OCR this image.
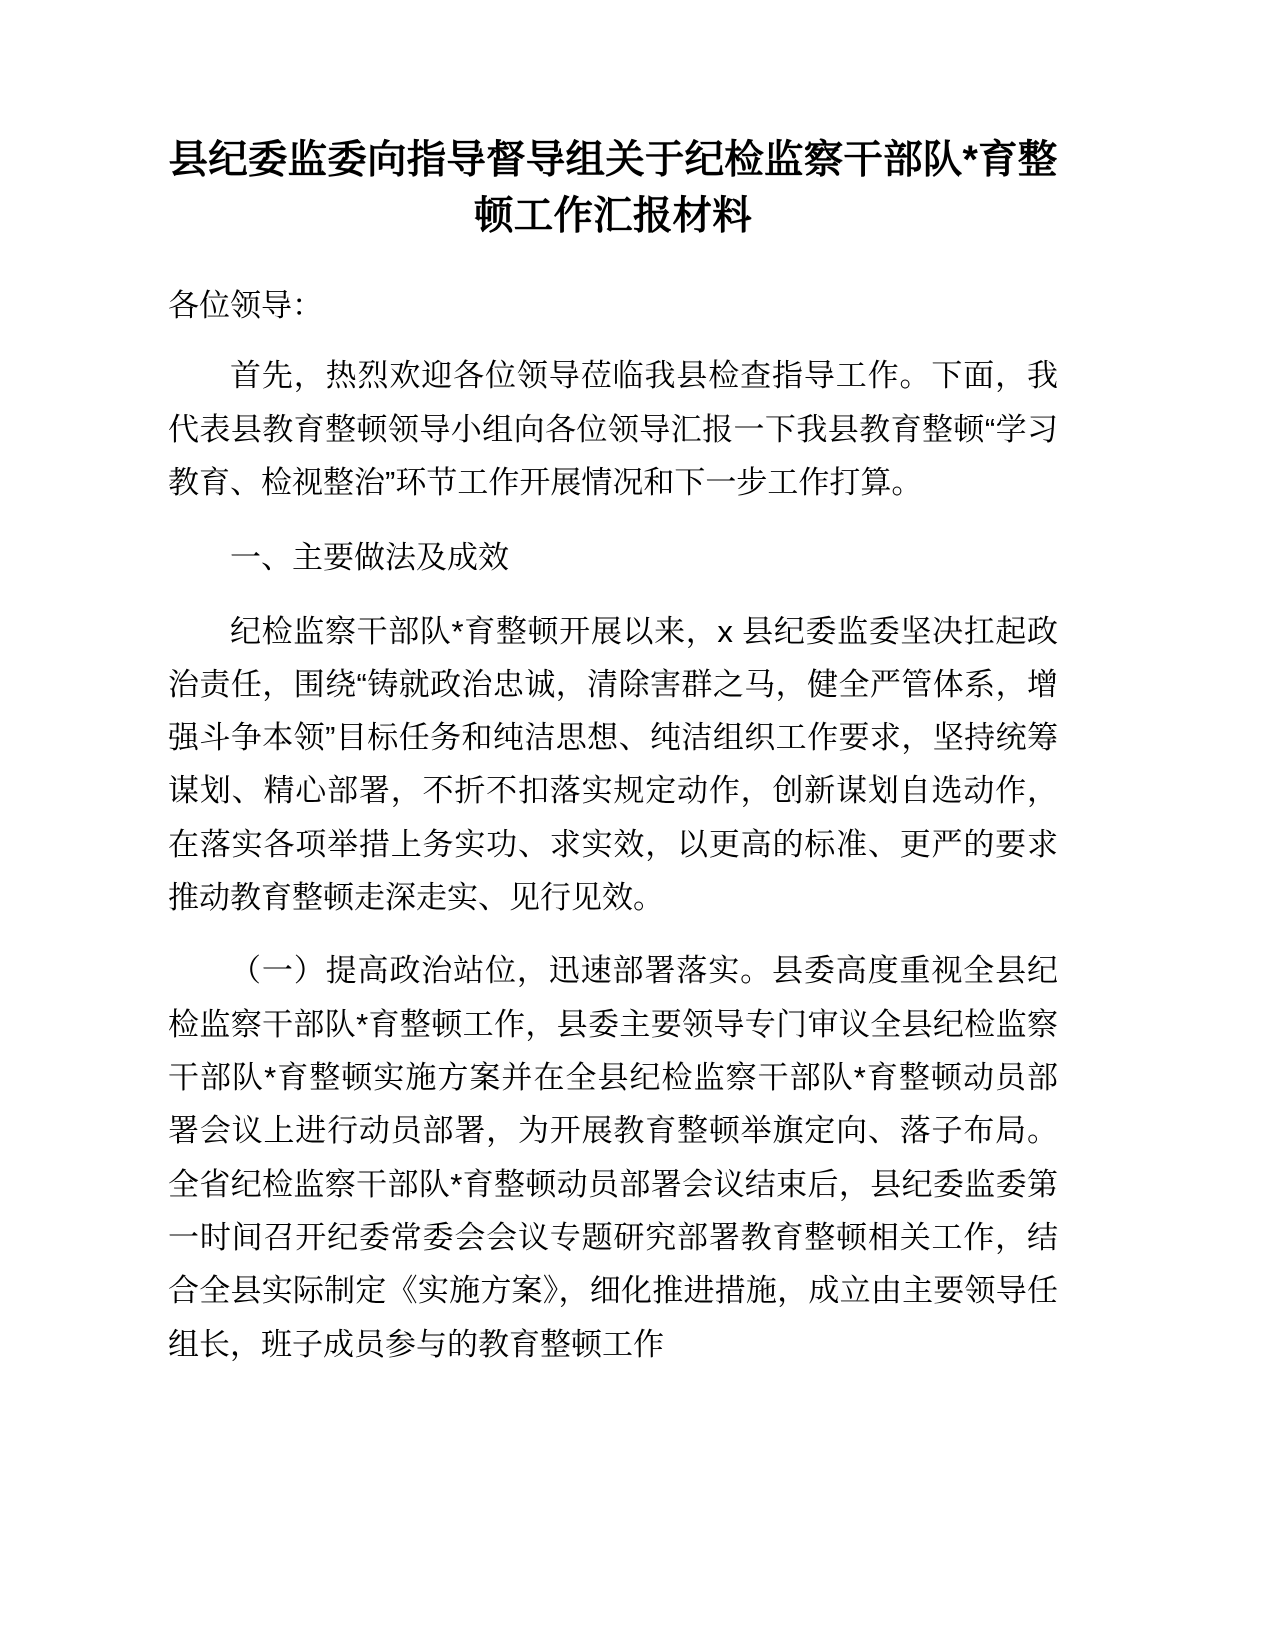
县纪委监委向指导督导组关于纪检监察干部队*育整顿工作汇报材料

各位领导：

首先，热烈欢迎各位领导莅临我县检查指导工作。下面，我代表县教育整顿领导小组向各位领导汇报一下我县教育整顿“学习教育、检视整治”环节工作开展情况和下一步工作打算。

一、主要做法及成效

纪检监察干部队*育整顿开展以来，x 县纪委监委坚决扛起政治责任，围绕“铸就政治忠诚，清除害群之马，健全严管体系，增强斗争本领”目标任务和纯洁思想、纯洁组织工作要求，坚持统筹谋划、精心部署，不折不扣落实规定动作，创新谋划自选动作，在落实各项举措上务实功、求实效，以更高的标准、更严的要求推动教育整顿走深走实、见行见效。

（一）提高政治站位，迅速部署落实。县委高度重视全县纪检监察干部队*育整顿工作，县委主要领导专门审议全县纪检监察干部队*育整顿实施方案并在全县纪检监察干部队*育整顿动员部署会议上进行动员部署，为开展教育整顿举旗定向、落子布局。全省纪检监察干部队*育整顿动员部署会议结束后，县纪委监委第一时间召开纪委常委会会议专题研究部署教育整顿相关工作，结合全县实际制定《实施方案》，细化推进措施，成立由主要领导任组长，班子成员参与的教育整顿工作
